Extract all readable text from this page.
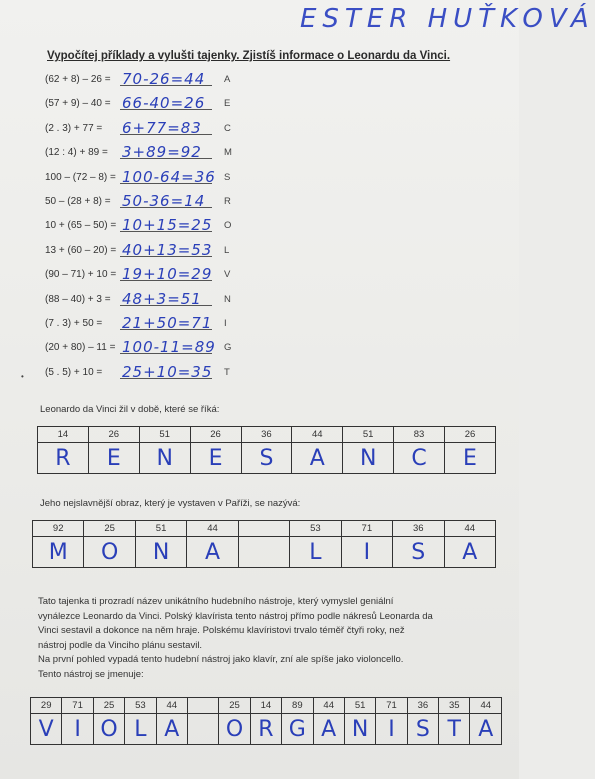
ESTER HUŤKOVÁ
Vypočítej příklady a vylušti tajenky. Zjistíš informace o Leonardu da Vinci.
(62 + 8) – 26 = 70-26=44 A
(57 + 9) – 40 = 66-40=26 E
(2 . 3) + 77 = 6+77=83 C
(12 : 4) + 89 = 3+89=92 M
100 – (72 – 8) = 100-64=36 S
50 – (28 + 8) = 50-36=14 R
10 + (65 – 50) = 10+15=25 O
13 + (60 – 20) = 40+13=53 L
(90 – 71) + 10 = 19+10=29 V
(88 – 40) + 3 = 48+3=51 N
(7 . 3) + 50 = 21+50=71 I
(20 + 80) – 11 = 100-11=89 G
(5 . 5) + 10 = 25+10=35 T
•
Leonardo da Vinci žil v době, které se říká:
14	26	51	26	36	44	51	83	26
R	E	N	E	S	A	N	C	E
Jeho nejslavnější obraz, který je vystaven v Paříži, se nazývá:
92	25	51	44		53	71	36	44
M	O	N	A		L	I	S	A
Tato tajenka ti prozradí název unikátního hudebního nástroje, který vymyslel geniální
vynálezce Leonardo da Vinci. Polský klavírista tento nástroj přímo podle nákresů Leonarda da
Vinci sestavil a dokonce na něm hraje. Polskému klavíristovi trvalo téměř čtyři roky, než
nástroj podle da Vinciho plánu sestavil.
Na první pohled vypadá tento hudební nástroj jako klavír, zní ale spíše jako violoncello.
Tento nástroj se jmenuje:
29	71	25	53	44		25	14	89	44	51	71	36	35	44
V	I	O	L	A		O	R	G	A	N	I	S	T	A
